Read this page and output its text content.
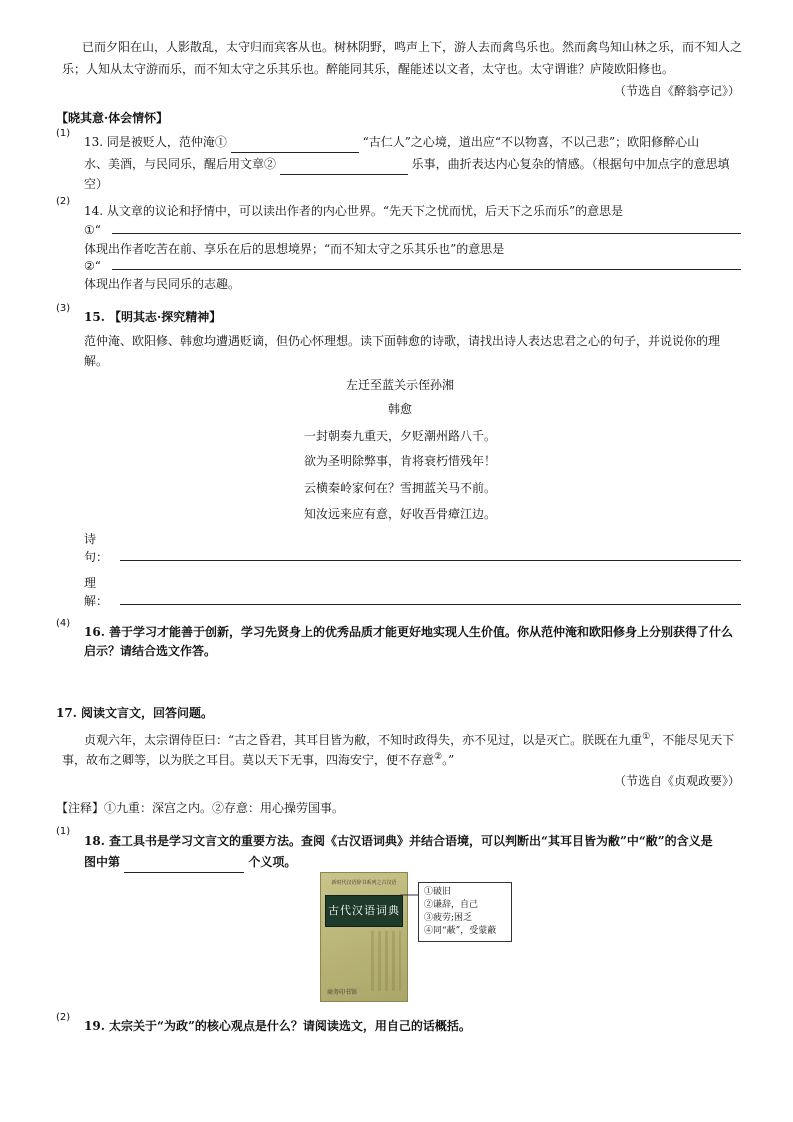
已而夕阳在山，人影散乱，太守归而宾客从也。树林阴野，鸣声上下，游人去而禽鸟乐也。然而禽鸟知山林之乐，而不知人之
乐；人知从太守游而乐，而不知太守之乐其乐也。醉能同其乐，醒能述以文者，太守也。太守谓谁？庐陵欧阳修也。
（节选自《醉翁亭记》）
【晓其意·体会情怀】
(1)
13. 同是被贬人，范仲淹①	“古仁人”之心境，道出应“不以物喜，不以己悲”；欧阳修醉心山
水、美酒，与民同乐，醒后用文章②	乐事，曲折表达内心复杂的情感。（根据句中加点字的意思填
空）
(2)
14. 从文章的议论和抒情中，可以读出作者的内心世界。“先天下之忧而忧，后天下之乐而乐”的意思是
①“
体现出作者吃苦在前、享乐在后的思想境界；“而不知太守之乐其乐也”的意思是
②“
体现出作者与民同乐的志趣。
(3)
15. 【明其志·探究精神】
范仲淹、欧阳修、韩愈均遭遇贬谪，但仍心怀理想。读下面韩愈的诗歌，请找出诗人表达忠君之心的句子，并说说你的理
解。
左迁至蓝关示侄孙湘
韩愈
一封朝奏九重天，夕贬潮州路八千。
欲为圣明除弊事，肯将衰朽惜残年！
云横秦岭家何在？雪拥蓝关马不前。
知汝远来应有意，好收吾骨瘴江边。
诗
句：
理
解：
(4)
16. 善于学习才能善于创新，学习先贤身上的优秀品质才能更好地实现人生价值。你从范仲淹和欧阳修身上分别获得了什么
启示？请结合选文作答。
17. 阅读文言文，回答问题。
贞观六年，太宗谓侍臣曰：“古之昏君，其耳目皆为敝，不知时政得失，亦不见过，以是灭亡。朕既在九重①，不能尽见天下
事，故布之卿等，以为朕之耳目。莫以天下无事，四海安宁，便不存意②。”
（节选自《贞观政要》）
【注释】①九重：深宫之内。②存意：用心操劳国事。
(1)
18. 查工具书是学习文言文的重要方法。查阅《古汉语词典》并结合语境，可以判断出“其耳目皆为敝”中“敝”的含义是
图中第	个义项。
新时代汉语辞书系列之古汉语
古代汉语词典
商务印书馆
①破旧
②谦辞，自己
③疲劳;困乏
④同“蔽”，受蒙蔽
(2)
19. 太宗关于“为政”的核心观点是什么？请阅读选文，用自己的话概括。
